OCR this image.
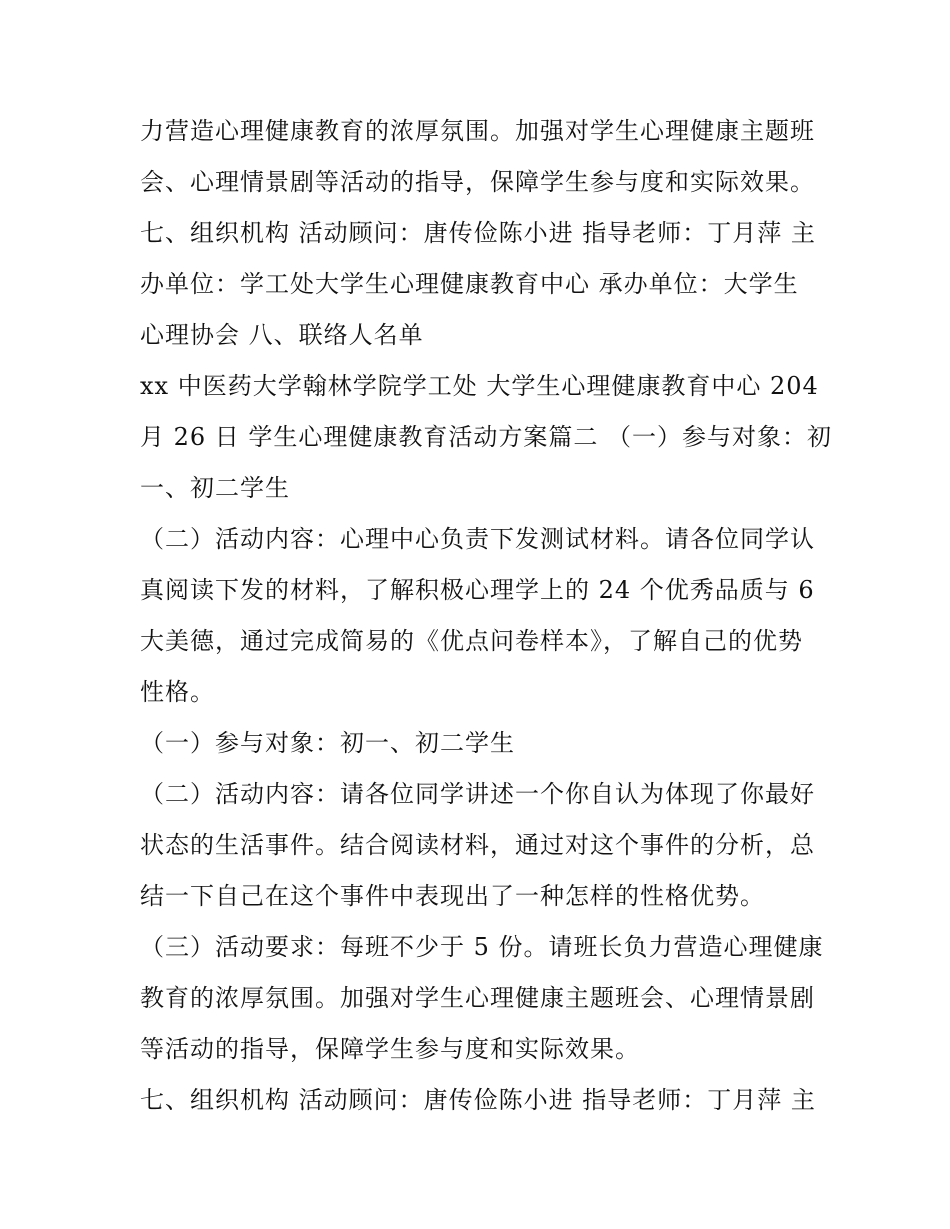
力营造心理健康教育的浓厚氛围。加强对学生心理健康主题班
会、心理情景剧等活动的指导，保障学生参与度和实际效果。
七、组织机构 活动顾问：唐传俭陈小进 指导老师：丁月萍 主
办单位：学工处大学生心理健康教育中心 承办单位：大学生
心理协会 八、联络人名单
xx 中医药大学翰林学院学工处 大学生心理健康教育中心 204
月 26 日 学生心理健康教育活动方案篇二 （一）参与对象：初
一、初二学生
（二）活动内容：心理中心负责下发测试材料。请各位同学认
真阅读下发的材料，了解积极心理学上的 24 个优秀品质与 6
大美德，通过完成简易的《优点问卷样本》，了解自己的优势
性格。
（一）参与对象：初一、初二学生
（二）活动内容：请各位同学讲述一个你自认为体现了你最好
状态的生活事件。结合阅读材料，通过对这个事件的分析，总
结一下自己在这个事件中表现出了一种怎样的性格优势。
（三）活动要求：每班不少于 5 份。请班长负力营造心理健康
教育的浓厚氛围。加强对学生心理健康主题班会、心理情景剧
等活动的指导，保障学生参与度和实际效果。
七、组织机构 活动顾问：唐传俭陈小进 指导老师：丁月萍 主
